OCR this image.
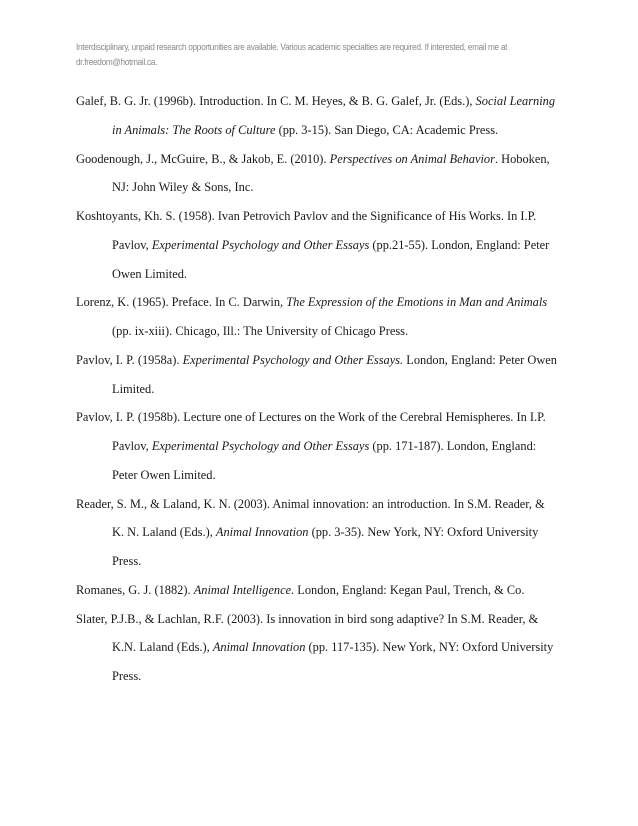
Interdisciplinary, unpaid research opportunities are available. Various academic specialties are required. If interested, email me at
dr.freedom@hotmail.ca.
Galef, B. G. Jr. (1996b). Introduction. In C. M. Heyes, & B. G. Galef, Jr. (Eds.), Social Learning
in Animals: The Roots of Culture (pp. 3-15). San Diego, CA: Academic Press.
Goodenough, J., McGuire, B., & Jakob, E. (2010). Perspectives on Animal Behavior. Hoboken,
NJ: John Wiley & Sons, Inc.
Koshtoyants, Kh. S. (1958). Ivan Petrovich Pavlov and the Significance of His Works. In I.P.
Pavlov, Experimental Psychology and Other Essays (pp.21-55). London, England: Peter
Owen Limited.
Lorenz, K. (1965). Preface. In C. Darwin, The Expression of the Emotions in Man and Animals
(pp. ix-xiii). Chicago, Ill.: The University of Chicago Press.
Pavlov, I. P. (1958a). Experimental Psychology and Other Essays. London, England: Peter Owen
Limited.
Pavlov, I. P. (1958b). Lecture one of Lectures on the Work of the Cerebral Hemispheres. In I.P.
Pavlov, Experimental Psychology and Other Essays (pp. 171-187). London, England:
Peter Owen Limited.
Reader, S. M., & Laland, K. N. (2003). Animal innovation: an introduction. In S.M. Reader, &
K. N. Laland (Eds.), Animal Innovation (pp. 3-35). New York, NY: Oxford University
Press.
Romanes, G. J. (1882). Animal Intelligence. London, England: Kegan Paul, Trench, & Co.
Slater, P.J.B., & Lachlan, R.F. (2003). Is innovation in bird song adaptive? In S.M. Reader, &
K.N. Laland (Eds.), Animal Innovation (pp. 117-135). New York, NY: Oxford University
Press.
